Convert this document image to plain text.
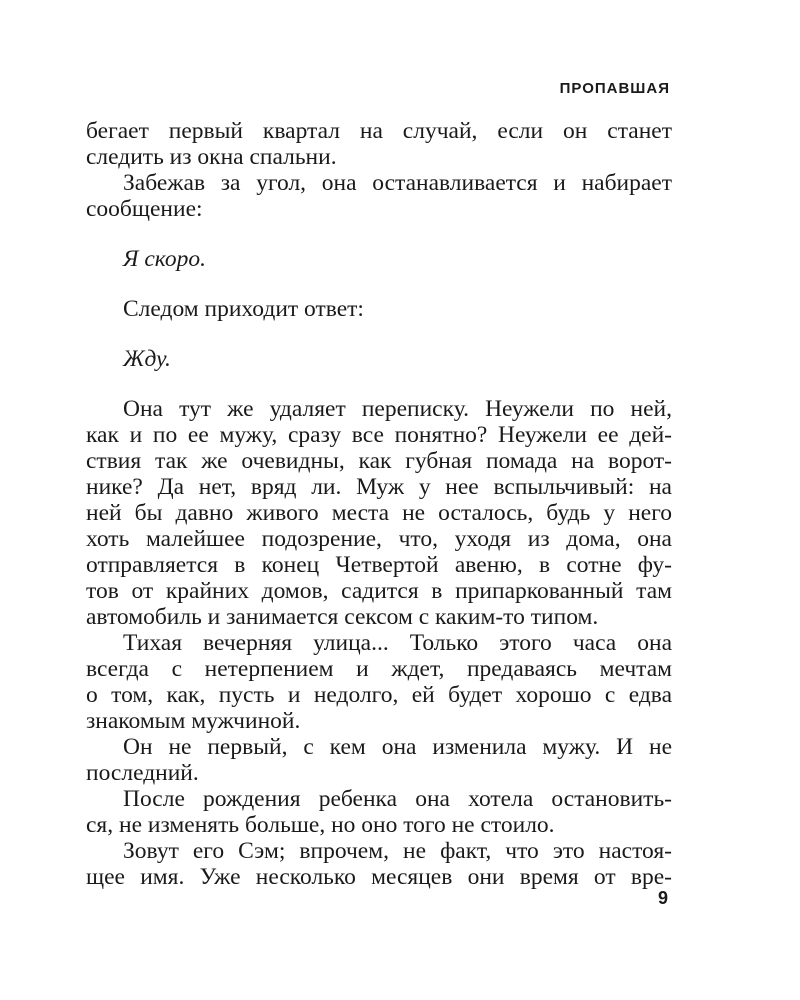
ПРОПАВШАЯ
бегает первый квартал на случай, если он станет
следить из окна спальни.
Забежав за угол, она останавливается и набирает
сообщение:
Я скоро.
Следом приходит ответ:
Жду.
Она тут же удаляет переписку. Неужели по ней,
как и по ее мужу, сразу все понятно? Неужели ее дей-
ствия так же очевидны, как губная помада на ворот-
нике? Да нет, вряд ли. Муж у нее вспыльчивый: на
ней бы давно живого места не осталось, будь у него
хоть малейшее подозрение, что, уходя из дома, она
отправляется в конец Четвертой авеню, в сотне фу-
тов от крайних домов, садится в припаркованный там
автомобиль и занимается сексом с каким-то типом.
Тихая вечерняя улица... Только этого часа она
всегда с нетерпением и ждет, предаваясь мечтам
о том, как, пусть и недолго, ей будет хорошо с едва
знакомым мужчиной.
Он не первый, с кем она изменила мужу. И не
последний.
После рождения ребенка она хотела остановить-
ся, не изменять больше, но оно того не стоило.
Зовут его Сэм; впрочем, не факт, что это настоя-
щее имя. Уже несколько месяцев они время от вре-
9
